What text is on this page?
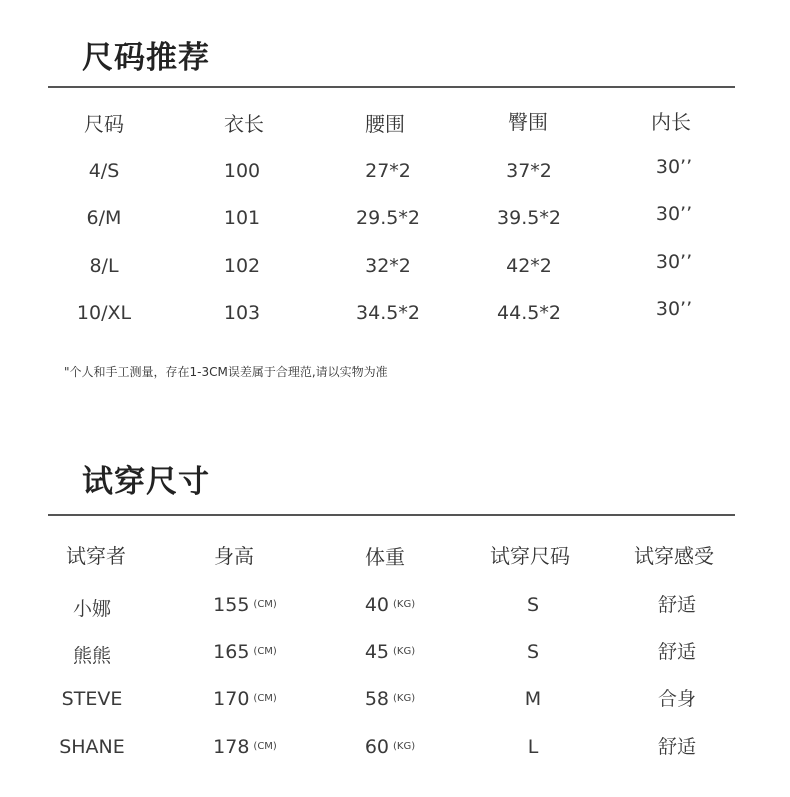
尺码推荐
尺码	衣长	腰围	臀围	内长
4/S	100	27*2	37*2	30’’
6/M	101	29.5*2	39.5*2	30’’
8/L	102	32*2	42*2	30’’
10/XL	103	34.5*2	44.5*2	30’’
"个人和手工测量，存在1-3CM误差属于合理范,请以实物为准
试穿尺寸
试穿者	身高	体重	试穿尺码	试穿感受
小娜	155 $^{(CM)}$	40 $^{(KG)}$	S	舒适
熊熊	165 $^{(CM)}$	45 $^{(KG)}$	S	舒适
STEVE	170 $^{(CM)}$	58 $^{(KG)}$	M	合身
SHANE	178 $^{(CM)}$	60 $^{(KG)}$	L	舒适
